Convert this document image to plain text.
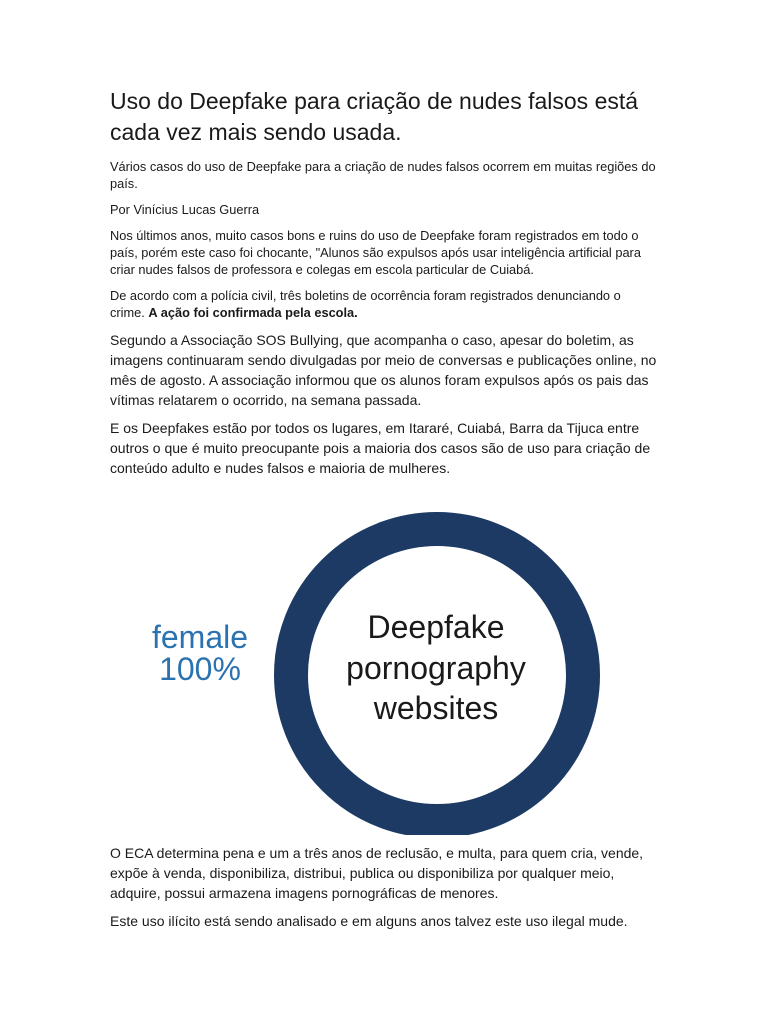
Uso do Deepfake para criação de nudes falsos está cada vez mais sendo usada.

Vários casos do uso de Deepfake para a criação de nudes falsos ocorrem em muitas regiões do país.

Por Vinícius Lucas Guerra

Nos últimos anos, muito casos bons e ruins do uso de Deepfake foram registrados em todo o país, porém este caso foi chocante, "Alunos são expulsos após usar inteligência artificial para criar nudes falsos de professora e colegas em escola particular de Cuiabá.

De acordo com a polícia civil, três boletins de ocorrência foram registrados denunciando o crime. A ação foi confirmada pela escola.

Segundo a Associação SOS Bullying, que acompanha o caso, apesar do boletim, as imagens continuaram sendo divulgadas por meio de conversas e publicações online, no mês de agosto. A associação informou que os alunos foram expulsos após os pais das vítimas relatarem o ocorrido, na semana passada.

E os Deepfakes estão por todos os lugares, em Itararé, Cuiabá, Barra da Tijuca entre outros o que é muito preocupante pois a maioria dos casos são de uso para criação de conteúdo adulto e nudes falsos e maioria de mulheres.

female
100%
Deepfake
pornography
websites

O ECA determina pena e um a três anos de reclusão, e multa, para quem cria, vende, expõe à venda, disponibiliza, distribui, publica ou disponibiliza por qualquer meio, adquire, possui armazena imagens pornográficas de menores.

Este uso ilícito está sendo analisado e em alguns anos talvez este uso ilegal mude.
